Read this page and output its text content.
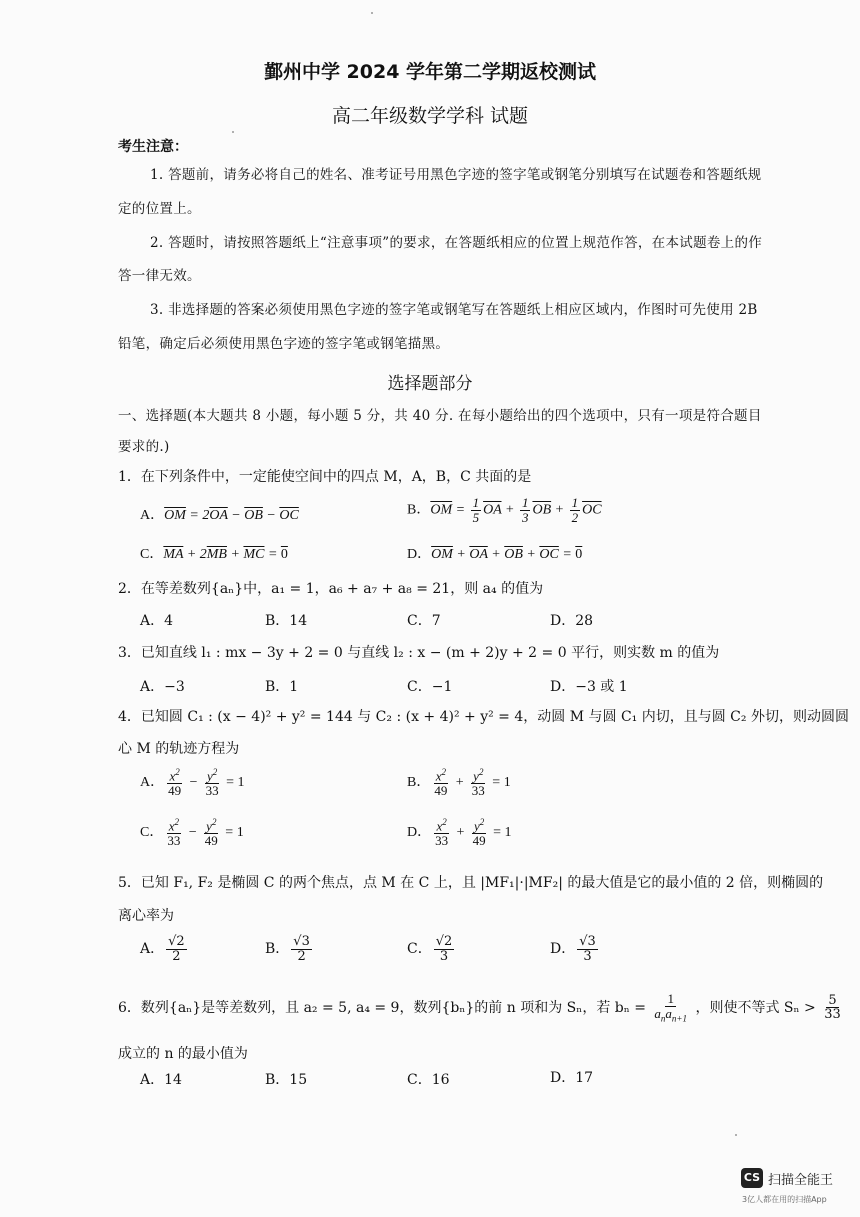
鄞州中学 2024 学年第二学期返校测试
高二年级数学学科 试题
考生注意：
1. 答题前，请务必将自己的姓名、准考证号用黑色字迹的签字笔或钢笔分别填写在试题卷和答题纸规
定的位置上。
2. 答题时，请按照答题纸上“注意事项”的要求，在答题纸相应的位置上规范作答，在本试题卷上的作
答一律无效。
3. 非选择题的答案必须使用黑色字迹的签字笔或钢笔写在答题纸上相应区域内，作图时可先使用 2B
铅笔，确定后必须使用黑色字迹的签字笔或钢笔描黑。
选择题部分
一、选择题(本大题共 8 小题，每小题 5 分，共 40 分. 在每小题给出的四个选项中，只有一项是符合题目
要求的.)
1．在下列条件中，一定能使空间中的四点 M，A，B，C 共面的是
A．$\overline{OM} = 2\overline{OA} - \overline{OB} - \overline{OC}$	B．$\overline{OM} = \frac{1}{5} \overline{OA} + \frac{1}{3} \overline{OB} + \frac{1}{2} \overline{OC}$
C．$\overline{MA} + 2\overline{MB} + \overline{MC} = 0$	D．$\overline{OM} + \overline{OA} + \overline{OB} + \overline{OC} = 0$
2．在等差数列{aₙ}中，a₁ = 1，a₆ + a₇ + a₈ = 21，则 a₄ 的值为
A．4	B．14	C．7	D．28
3．已知直线 l₁ : mx − 3y + 2 = 0 与直线 l₂ : x − (m + 2)y + 2 = 0 平行，则实数 m 的值为
A．−3	B．1	C．−1	D．−3 或 1
4．已知圆 C₁ : (x − 4)² + y² = 144 与 C₂ : (x + 4)² + y² = 4，动圆 M 与圆 C₁ 内切，且与圆 C₂ 外切，则动圆圆
心 M 的轨迹方程为
A． $\frac{x^2}{49} - \frac{y^2}{33} = 1$	B． $\frac{x^2}{49} + \frac{y^2}{33} = 1$
C． $\frac{x^2}{33} - \frac{y^2}{49} = 1$	D． $\frac{x^2}{33} + \frac{y^2}{49} = 1$
5．已知 F₁, F₂ 是椭圆 C 的两个焦点，点 M 在 C 上，且 |MF₁|·|MF₂| 的最大值是它的最小值的 2 倍，则椭圆的
离心率为
A． $\frac{√2}{2}$	B． $\frac{√3}{2}$	C． $\frac{√2}{3}$	D． $\frac{√3}{3}$
6．数列{aₙ}是等差数列，且 a₂ = 5, a₄ = 9，数列{bₙ}的前 n 项和为 Sₙ，若 $b_n = \frac{1}{a_na_{n+1}}$ ，则使不等式 $S_n > \frac{5}{33}$
成立的 n 的最小值为
A．14	B．15	C．16	D．17
CS 扫描全能王
3亿人都在用的扫描App
